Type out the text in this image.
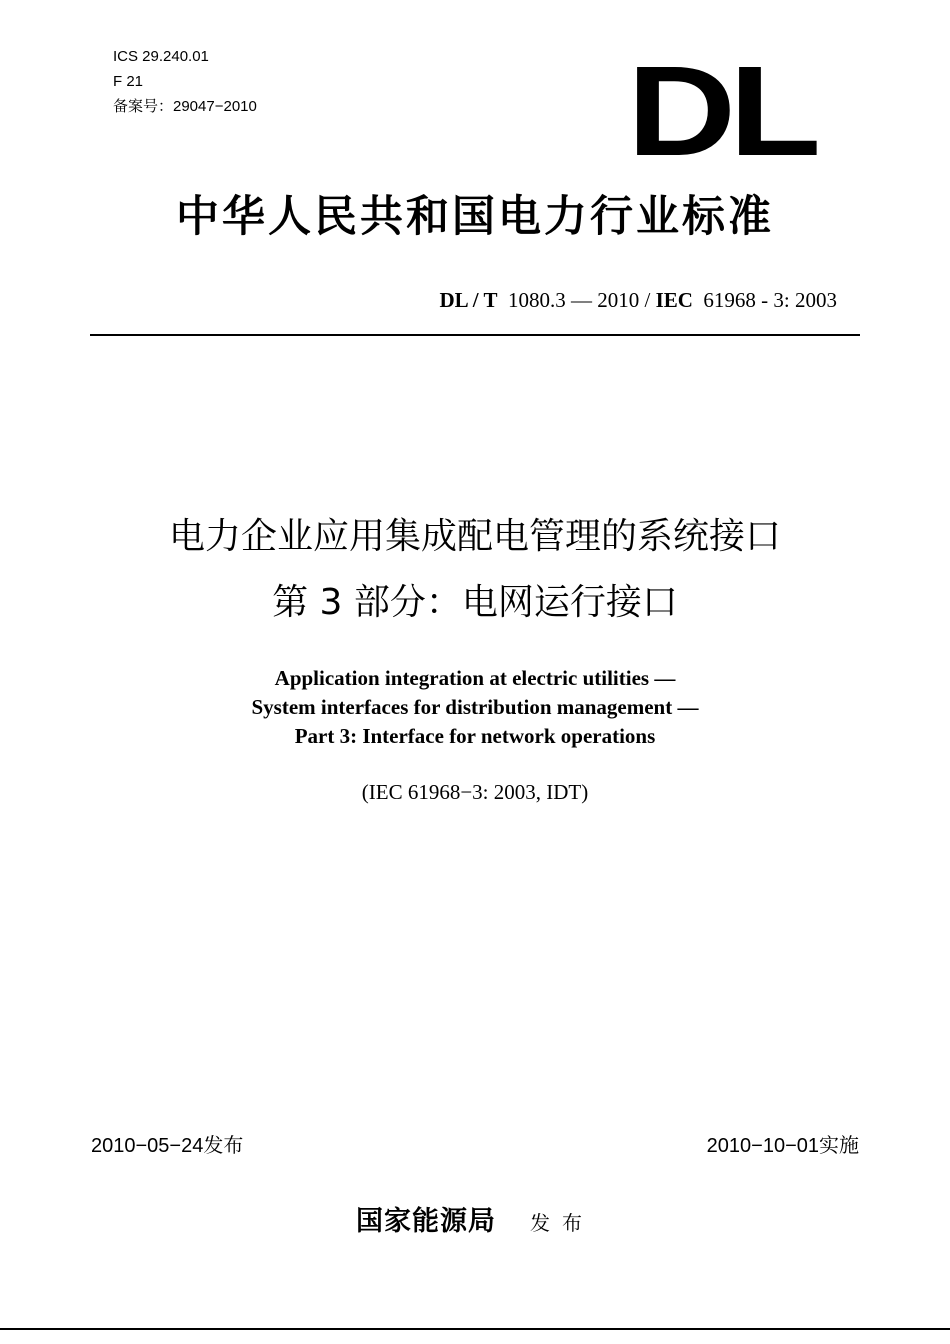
ICS 29.240.01
F 21
备案号：29047−2010	DL
中华人民共和国电力行业标准
DL / T 1080.3 — 2010 / IEC 61968 - 3: 2003
电力企业应用集成配电管理的系统接口
第 3 部分：电网运行接口
Application integration at electric utilities —
System interfaces for distribution management —
Part 3: Interface for network operations
(IEC 61968−3: 2003, IDT)
2010−05−24发布	2010−10−01实施
国家能源局 发布
